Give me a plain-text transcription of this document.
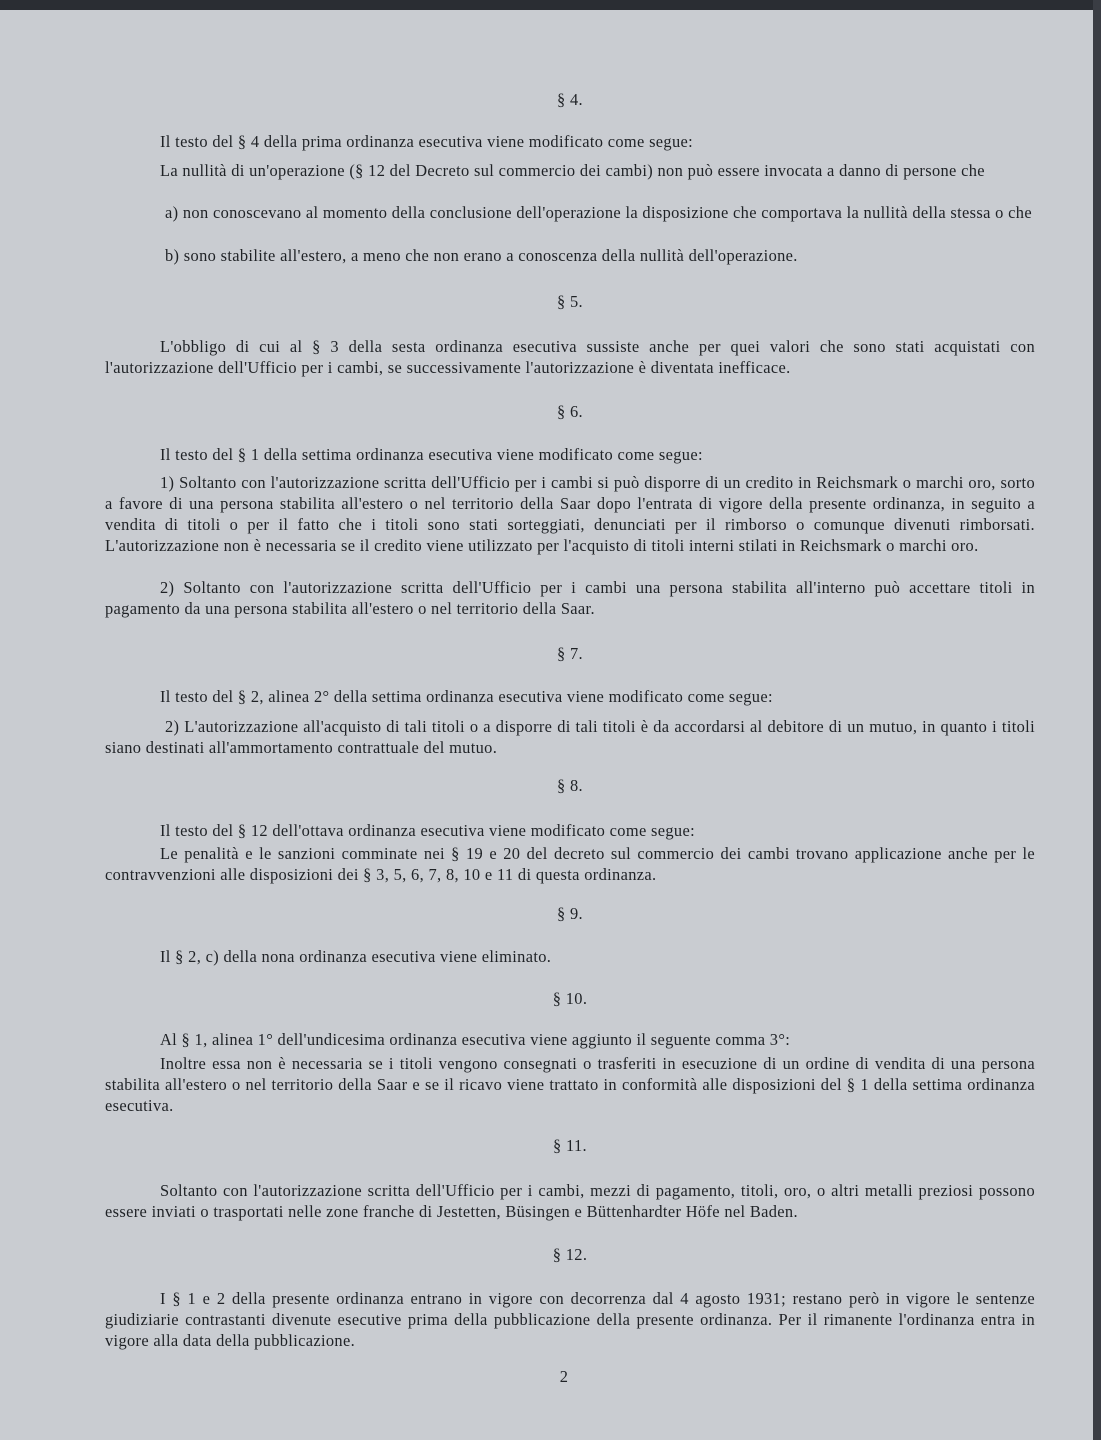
§ 4.

Il testo del § 4 della prima ordinanza esecutiva viene modificato come segue:

La nullità di un'operazione (§ 12 del Decreto sul commercio dei cambi) non può essere invocata a danno di persone che

a) non conoscevano al momento della conclusione dell'operazione la disposizione che comportava la nullità della stessa o che

b) sono stabilite all'estero, a meno che non erano a conoscenza della nullità dell'operazione.

§ 5.

L'obbligo di cui al § 3 della sesta ordinanza esecutiva sussiste anche per quei valori che sono stati acquistati con l'autorizzazione dell'Ufficio per i cambi, se successivamente l'autorizzazione è diventata inefficace.

§ 6.

Il testo del § 1 della settima ordinanza esecutiva viene modificato come segue:

1) Soltanto con l'autorizzazione scritta dell'Ufficio per i cambi si può disporre di un credito in Reichsmark o marchi oro, sorto a favore di una persona stabilita all'estero o nel territorio della Saar dopo l'entrata di vigore della presente ordinanza, in seguito a vendita di titoli o per il fatto che i titoli sono stati sorteggiati, denunciati per il rimborso o comunque divenuti rimborsati. L'autorizzazione non è necessaria se il credito viene utilizzato per l'acquisto di titoli interni stilati in Reichsmark o marchi oro.

2) Soltanto con l'autorizzazione scritta dell'Ufficio per i cambi una persona stabilita all'interno può accettare titoli in pagamento da una persona stabilita all'estero o nel territorio della Saar.

§ 7.

Il testo del § 2, alinea 2° della settima ordinanza esecutiva viene modificato come segue:

2) L'autorizzazione all'acquisto di tali titoli o a disporre di tali titoli è da accordarsi al debitore di un mutuo, in quanto i titoli siano destinati all'ammortamento contrattuale del mutuo.

§ 8.

Il testo del § 12 dell'ottava ordinanza esecutiva viene modificato come segue:

Le penalità e le sanzioni comminate nei § 19 e 20 del decreto sul commercio dei cambi trovano applicazione anche per le contravvenzioni alle disposizioni dei § 3, 5, 6, 7, 8, 10 e 11 di questa ordinanza.

§ 9.

Il § 2, c) della nona ordinanza esecutiva viene eliminato.

§ 10.

Al § 1, alinea 1° dell'undicesima ordinanza esecutiva viene aggiunto il seguente comma 3°:

Inoltre essa non è necessaria se i titoli vengono consegnati o trasferiti in esecuzione di un ordine di vendita di una persona stabilita all'estero o nel territorio della Saar e se il ricavo viene trattato in conformità alle disposizioni del § 1 della settima ordinanza esecutiva.

§ 11.

Soltanto con l'autorizzazione scritta dell'Ufficio per i cambi, mezzi di pagamento, titoli, oro, o altri metalli preziosi possono essere inviati o trasportati nelle zone franche di Jestetten, Büsingen e Büttenhardter Höfe nel Baden.

§ 12.

I § 1 e 2 della presente ordinanza entrano in vigore con decorrenza dal 4 agosto 1931; restano però in vigore le sentenze giudiziarie contrastanti divenute esecutive prima della pubblicazione della presente ordinanza. Per il rimanente l'ordinanza entra in vigore alla data della pubblicazione.

2
